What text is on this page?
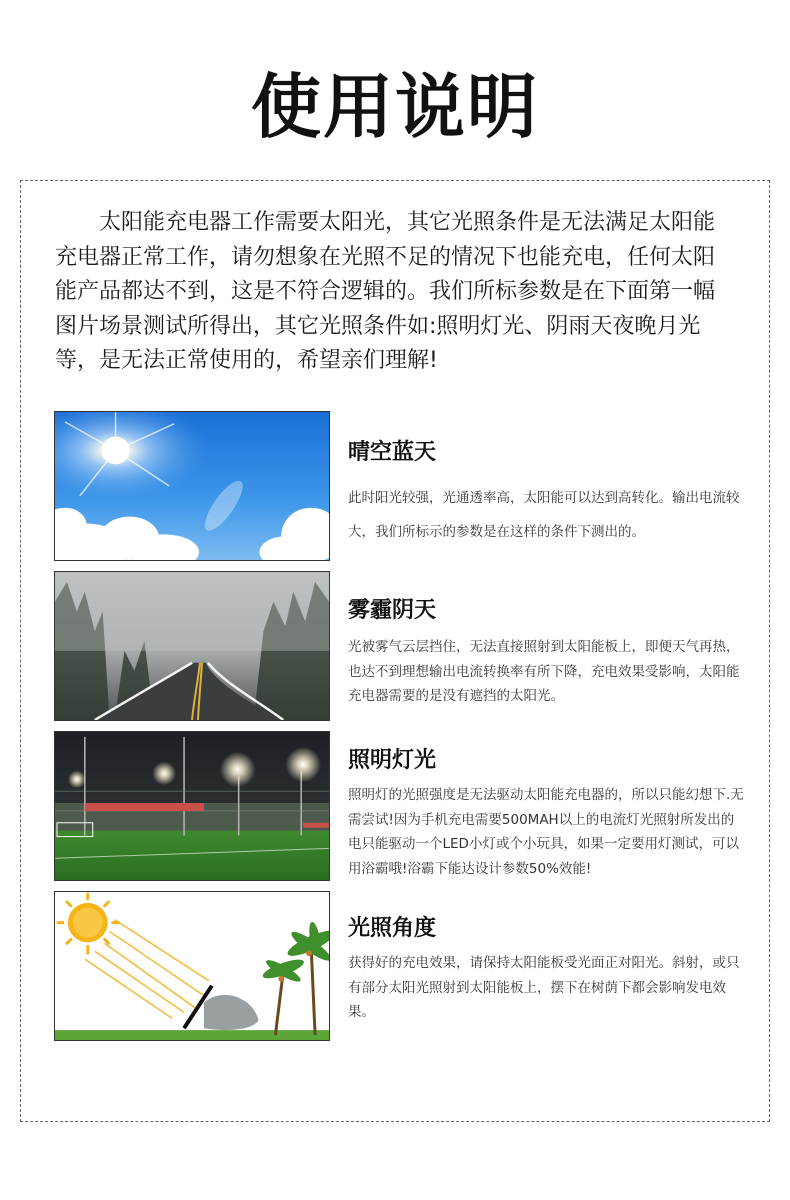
使用说明

太阳能充电器工作需要太阳光，其它光照条件是无法满足太阳能充电器正常工作，请勿想象在光照不足的情况下也能充电，任何太阳能产品都达不到，这是不符合逻辑的。我们所标参数是在下面第一幅图片场景测试所得出，其它光照条件如:照明灯光、阴雨天夜晚月光等，是无法正常使用的，希望亲们理解!

晴空蓝天

此时阳光较强，光通透率高，太阳能可以达到高转化。输出电流较大，我们所标示的参数是在这样的条件下测出的。

雾霾阴天

光被雾气云层挡住，无法直接照射到太阳能板上，即便天气再热，也达不到理想输出电流转换率有所下降，充电效果受影响，太阳能充电器需要的是没有遮挡的太阳光。

照明灯光

照明灯的光照强度是无法驱动太阳能充电器的，所以只能幻想下.无需尝试!因为手机充电需要500MAH以上的电流灯光照射所发出的电只能驱动一个LED小灯或个小玩具，如果一定要用灯测试，可以用浴霸哦!浴霸下能达设计参数50%效能!

光照角度

获得好的充电效果，请保持太阳能板受光面正对阳光。斜射，或只有部分太阳光照射到太阳能板上，摆下在树荫下都会影响发电效果。
